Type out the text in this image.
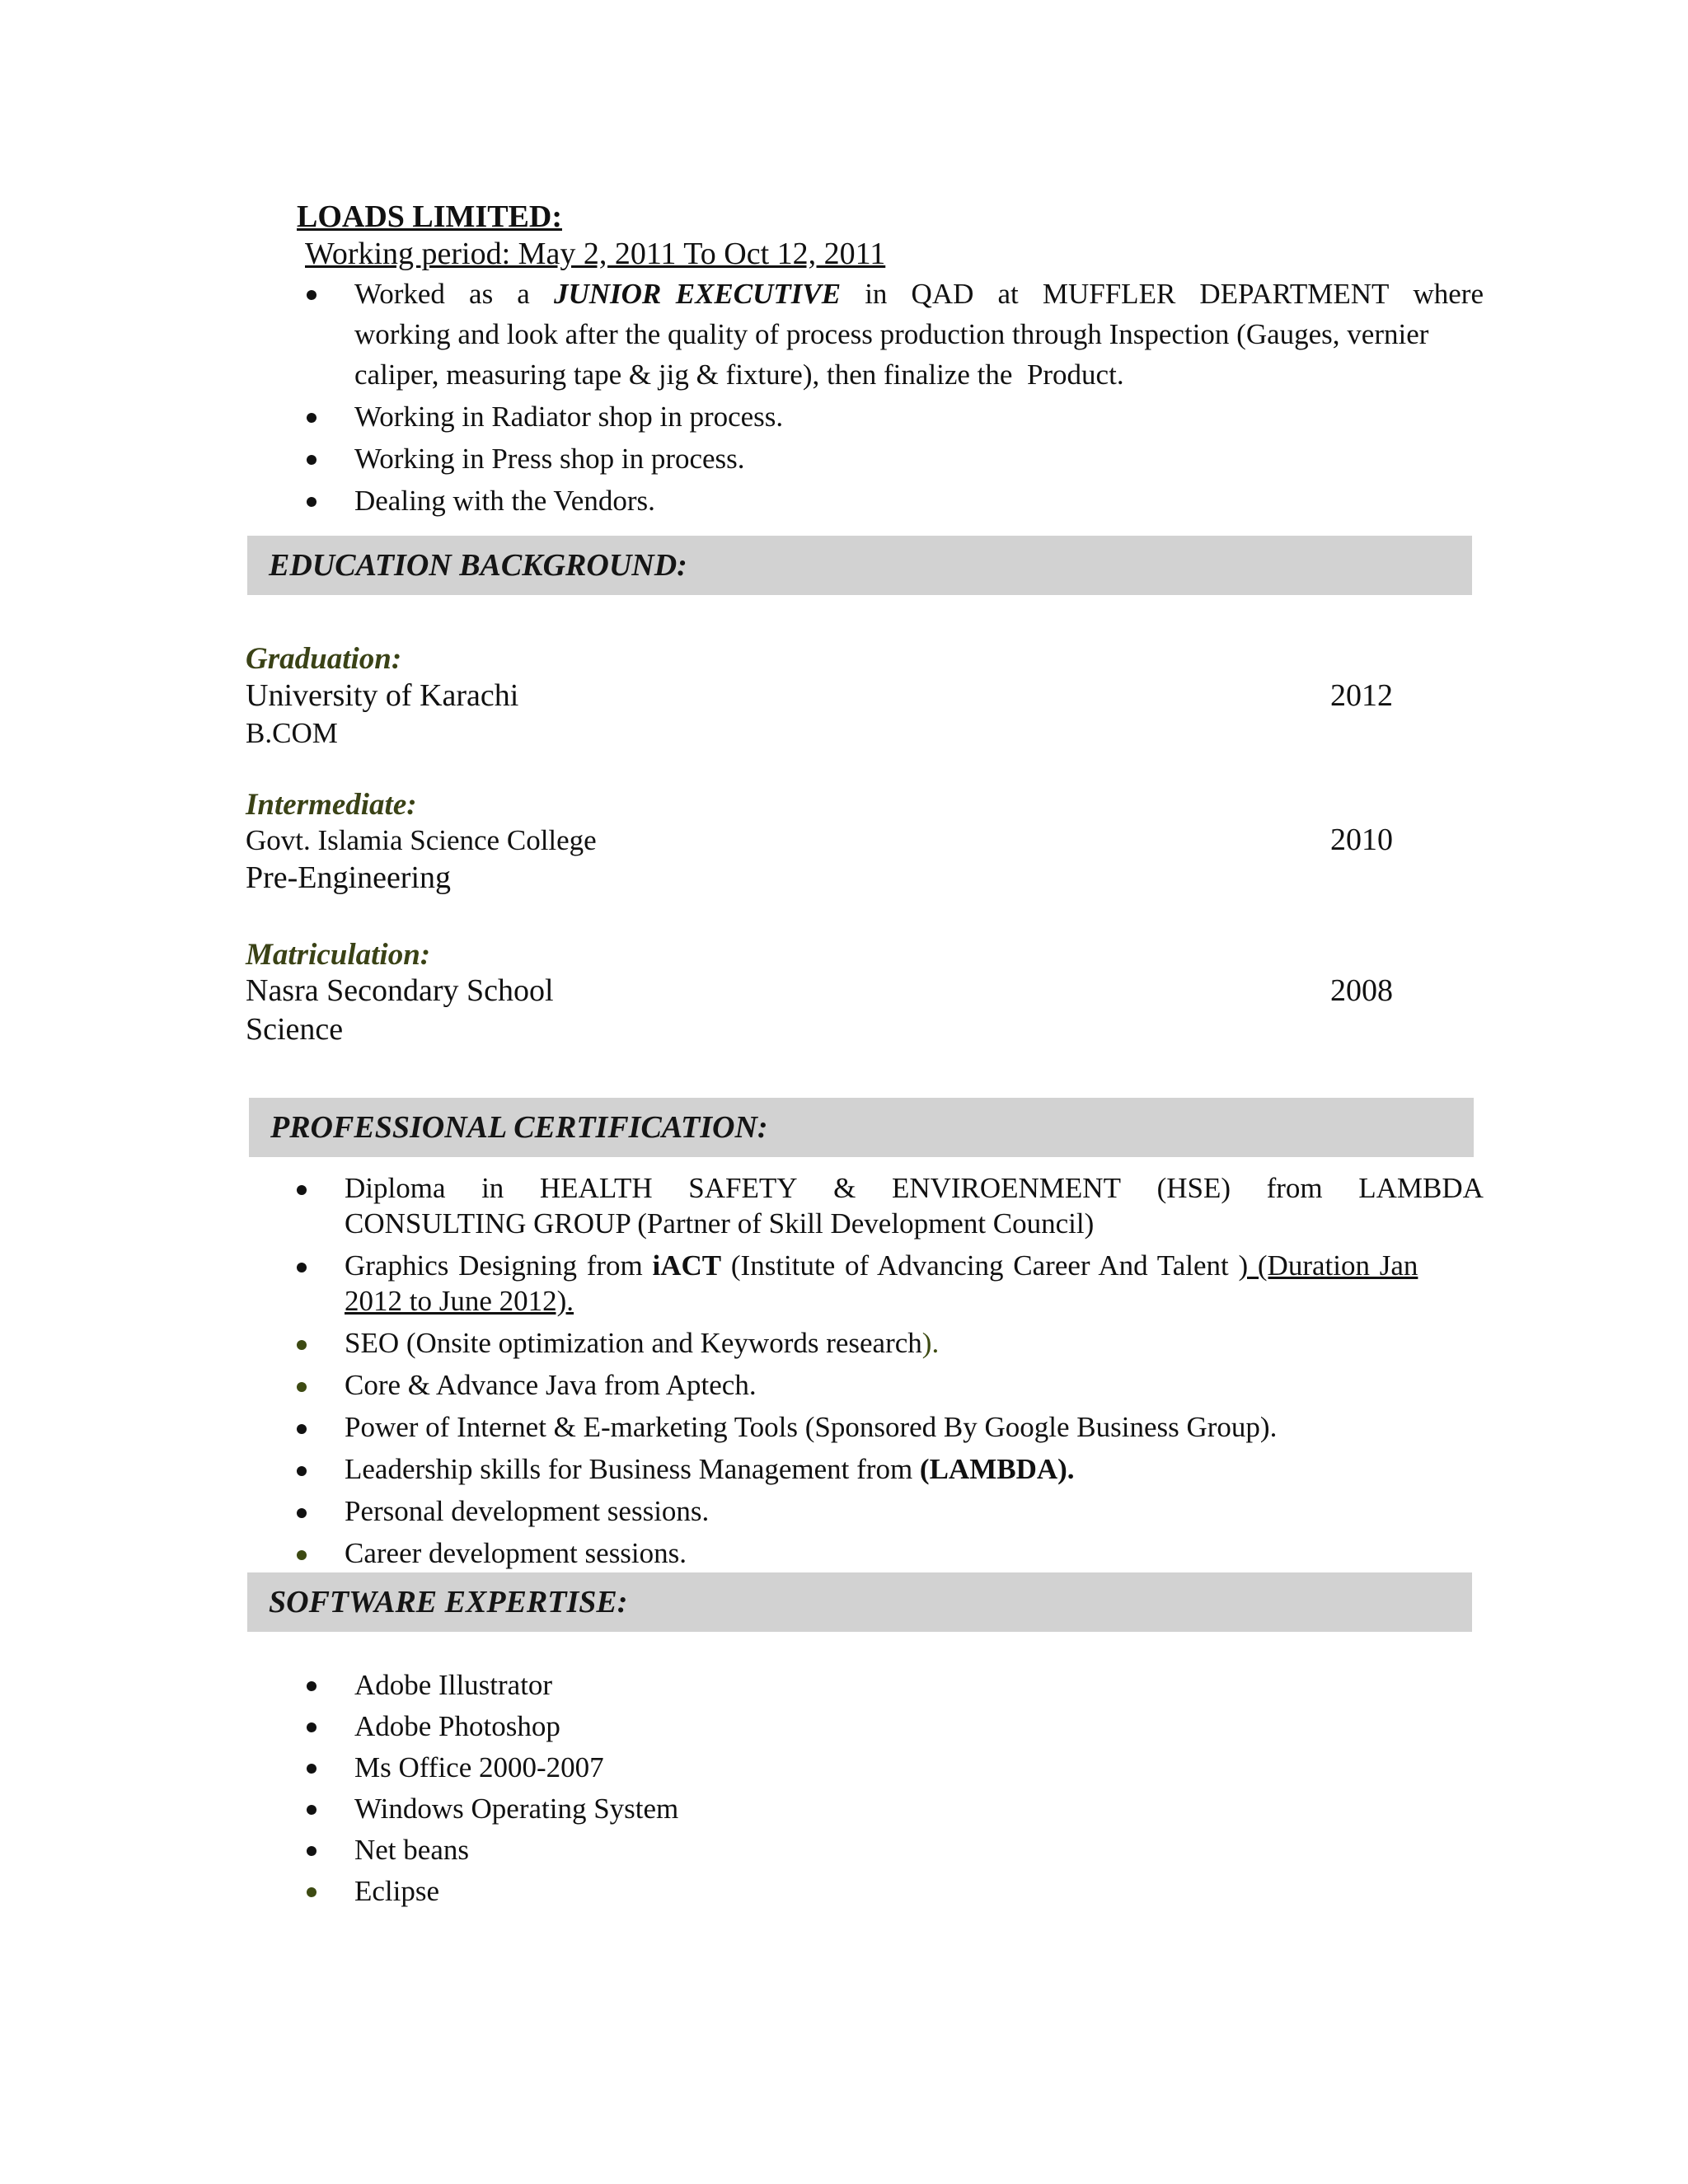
LOADS LIMITED:
Working period: May 2, 2011 To Oct 12, 2011
Worked as a JUNIOR  EXECUTIVE in QAD at MUFFLER DEPARTMENT where
working and look after the quality of process production through Inspection (Gauges, vernier
caliper, measuring tape & jig & fixture), then finalize the  Product.
Working in Radiator shop in process.
Working in Press shop in process.
Dealing with the Vendors.
EDUCATION BACKGROUND:
Graduation:
University of Karachi	2012
B.COM
Intermediate:
Govt. Islamia Science College	2010
Pre-Engineering
Matriculation:
Nasra Secondary School	2008
Science
PROFESSIONAL CERTIFICATION:
Diploma in HEALTH SAFETY & ENVIROENMENT (HSE) from LAMBDA
CONSULTING GROUP (Partner of Skill Development Council)
Graphics Designing from iACT (Institute of Advancing Career And Talent ) (Duration Jan
2012 to June 2012).
SEO (Onsite optimization and Keywords research).
Core & Advance Java from Aptech.
Power of Internet & E-marketing Tools (Sponsored By Google Business Group).
Leadership skills for Business Management from (LAMBDA).
Personal development sessions.
Career development sessions.
SOFTWARE EXPERTISE:
Adobe Illustrator
Adobe Photoshop
Ms Office 2000-2007
Windows Operating System
Net beans
Eclipse
